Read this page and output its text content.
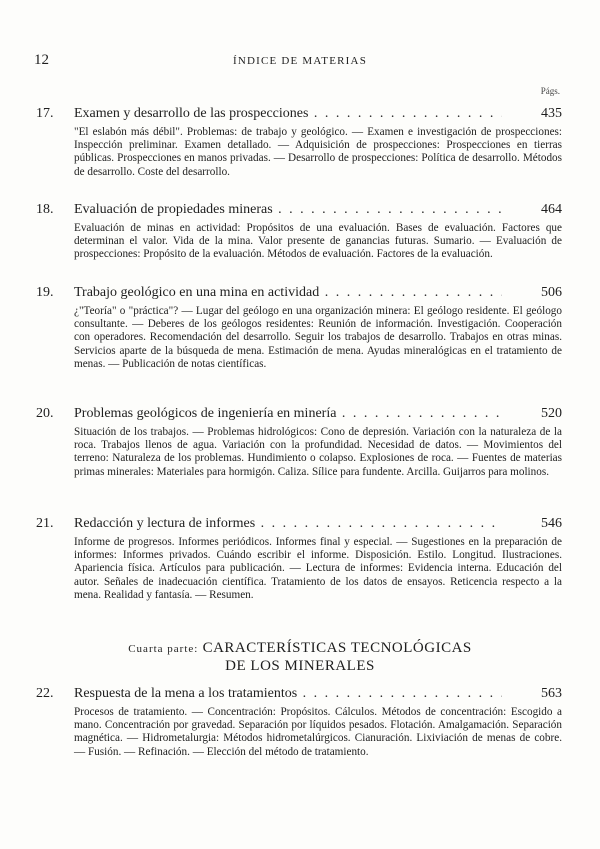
12	ÍNDICE DE MATERIAS
Págs.
17.	Examen y desarrollo de las prospecciones . .	435
"El eslabón más débil". Problemas: de trabajo y geológico. — Examen e investigación de prospecciones: Inspección preliminar. Examen detallado. — Adquisición de prospecciones: Prospecciones en tierras públicas. Prospecciones en manos privadas. — Desarrollo de prospecciones: Política de desarrollo. Métodos de desarrollo. Coste del desarrollo.
18.	Evaluación de propiedades mineras . .	464
Evaluación de minas en actividad: Propósitos de una evaluación. Bases de evaluación. Factores que determinan el valor. Vida de la mina. Valor presente de ganancias futuras. Sumario. — Evaluación de prospecciones: Propósito de la evaluación. Métodos de evaluación. Factores de la evaluación.
19.	Trabajo geológico en una mina en actividad . .	506
¿"Teoría" o "práctica"? — Lugar del geólogo en una organización minera: El geólogo residente. El geólogo consultante. — Deberes de los geólogos residentes: Reunión de información. Investigación. Cooperación con operadores. Recomendación del desarrollo. Seguir los trabajos de desarrollo. Trabajos en otras minas. Servicios aparte de la búsqueda de mena. Estimación de mena. Ayudas mineralógicas en el tratamiento de menas. — Publicación de notas científicas.
20.	Problemas geológicos de ingeniería en minería . .	520
Situación de los trabajos. — Problemas hidrológicos: Cono de depresión. Variación con la naturaleza de la roca. Trabajos llenos de agua. Variación con la profundidad. Necesidad de datos. — Movimientos del terreno: Naturaleza de los problemas. Hundimiento o colapso. Explosiones de roca. — Fuentes de materias primas minerales: Materiales para hormigón. Caliza. Sílice para fundente. Arcilla. Guijarros para molinos.
21.	Redacción y lectura de informes . .	546
Informe de progresos. Informes periódicos. Informes final y especial. — Sugestiones en la preparación de informes: Informes privados. Cuándo escribir el informe. Disposición. Estilo. Longitud. Ilustraciones. Apariencia física. Artículos para publicación. — Lectura de informes: Evidencia interna. Educación del autor. Señales de inadecuación científica. Tratamiento de los datos de ensayos. Reticencia respecto a la mena. Realidad y fantasía. — Resumen.
Cuarta parte: CARACTERÍSTICAS TECNOLÓGICAS
DE LOS MINERALES
22.	Respuesta de la mena a los tratamientos . .	563
Procesos de tratamiento. — Concentración: Propósitos. Cálculos. Métodos de concentración: Escogido a mano. Concentración por gravedad. Separación por líquidos pesados. Flotación. Amalgamación. Separación magnética. — Hidrometalurgia: Métodos hidrometalúrgicos. Cianuración. Lixiviación de menas de cobre. — Fusión. — Refinación. — Elección del método de tratamiento.
